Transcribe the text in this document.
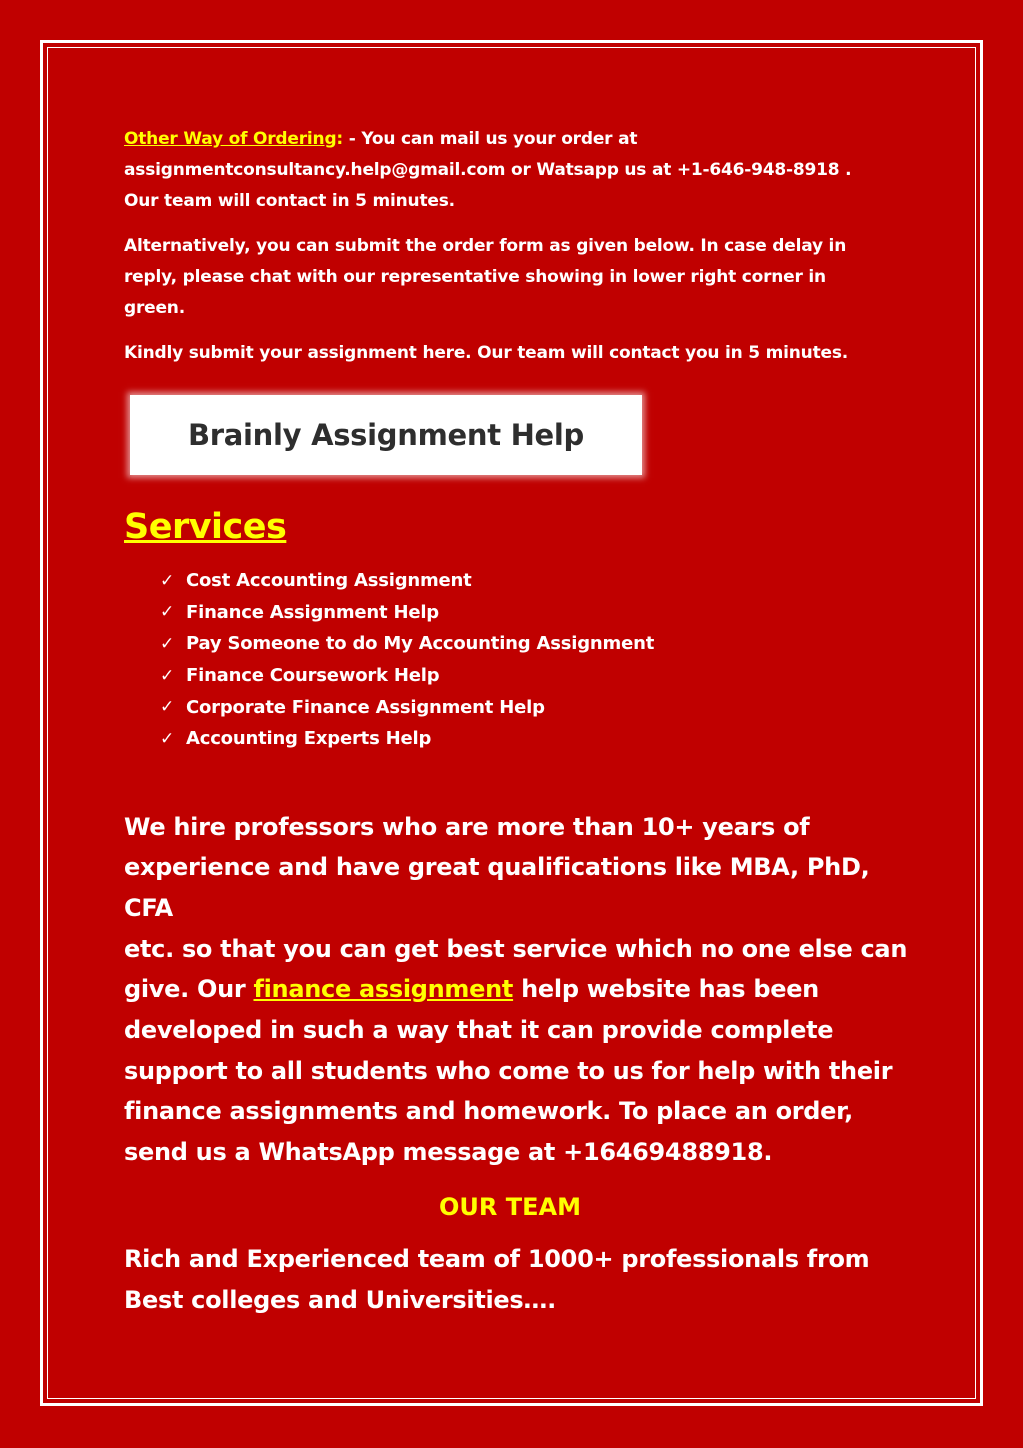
Other Way of Ordering: - You can mail us your order at
assignmentconsultancy.help@gmail.com or Watsapp us at +1-646-948-8918 .
Our team will contact in 5 minutes.

Alternatively, you can submit the order form as given below. In case delay in
reply, please chat with our representative showing in lower right corner in
green.

Kindly submit your assignment here. Our team will contact you in 5 minutes.

Brainly Assignment Help
Services
✓ Cost Accounting Assignment
✓ Finance Assignment Help
✓ Pay Someone to do My Accounting Assignment
✓ Finance Coursework Help
✓ Corporate Finance Assignment Help
✓ Accounting Experts Help

We hire professors who are more than 10+ years of
experience and have great qualifications like MBA, PhD, CFA
etc. so that you can get best service which no one else can
give. Our finance assignment help website has been
developed in such a way that it can provide complete
support to all students who come to us for help with their
finance assignments and homework. To place an order,
send us a WhatsApp message at +16469488918.

OUR TEAM

Rich and Experienced team of 1000+ professionals from
Best colleges and Universities….
